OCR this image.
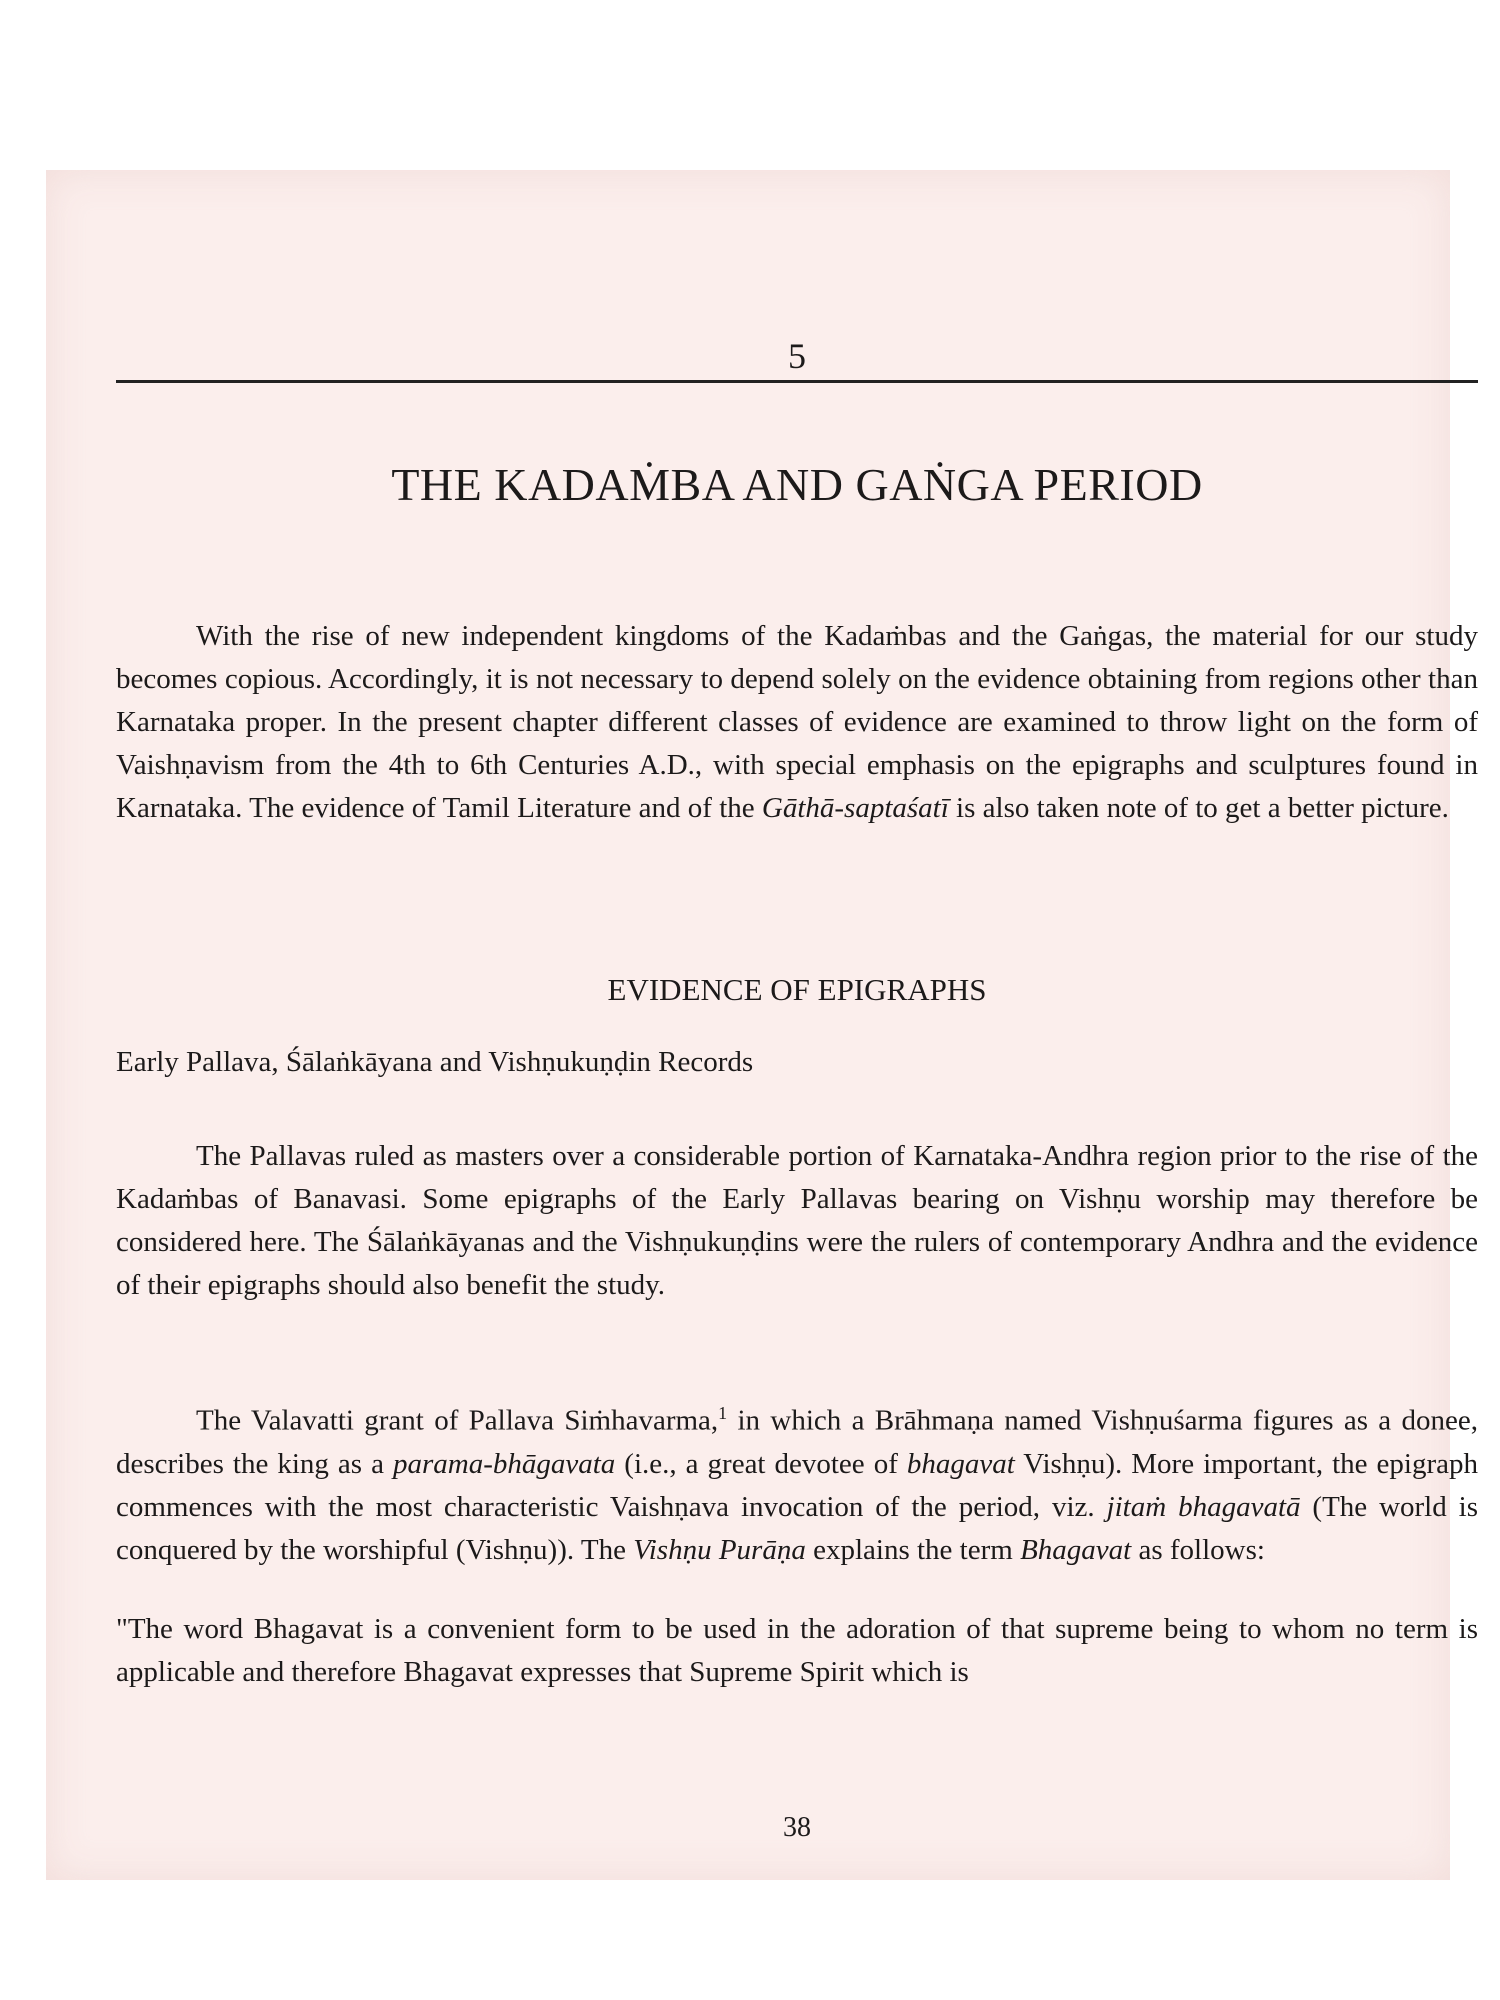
5
THE KADAṀBA AND GAṄGA PERIOD

With the rise of new independent kingdoms of the Kadaṁbas and the Gaṅgas, the material for our study becomes copious. Accordingly, it is not necessary to depend solely on the evidence obtaining from regions other than Karnataka proper. In the present chapter different classes of evidence are examined to throw light on the form of Vaishṇavism from the 4th to 6th Centuries A.D., with special emphasis on the epigraphs and sculptures found in Karnataka. The evidence of Tamil Literature and of the Gāthā-saptaśatī is also taken note of to get a better picture.

EVIDENCE OF EPIGRAPHS
Early Pallava, Śālaṅkāyana and Vishṇukuṇḍin Records

The Pallavas ruled as masters over a considerable portion of Karnataka-Andhra region prior to the rise of the Kadaṁbas of Banavasi. Some epigraphs of the Early Pallavas bearing on Vishṇu worship may therefore be considered here. The Śālaṅkāyanas and the Vishṇukuṇḍins were the rulers of contemporary Andhra and the evidence of their epigraphs should also benefit the study.

The Valavatti grant of Pallava Siṁhavarma,$^1$ in which a Brāhmaṇa named Vishṇuśarma figures as a donee, describes the king as a parama-bhāgavata (i.e., a great devotee of bhagavat Vishṇu). More important, the epigraph commences with the most characteristic Vaishṇava invocation of the period, viz. jitaṁ bhagavatā (The world is conquered by the worshipful (Vishṇu)). The Vishṇu Purāṇa explains the term Bhagavat as follows:

"The word Bhagavat is a convenient form to be used in the adoration of that supreme being to whom no term is applicable and therefore Bhagavat expresses that Supreme Spirit which is

38
